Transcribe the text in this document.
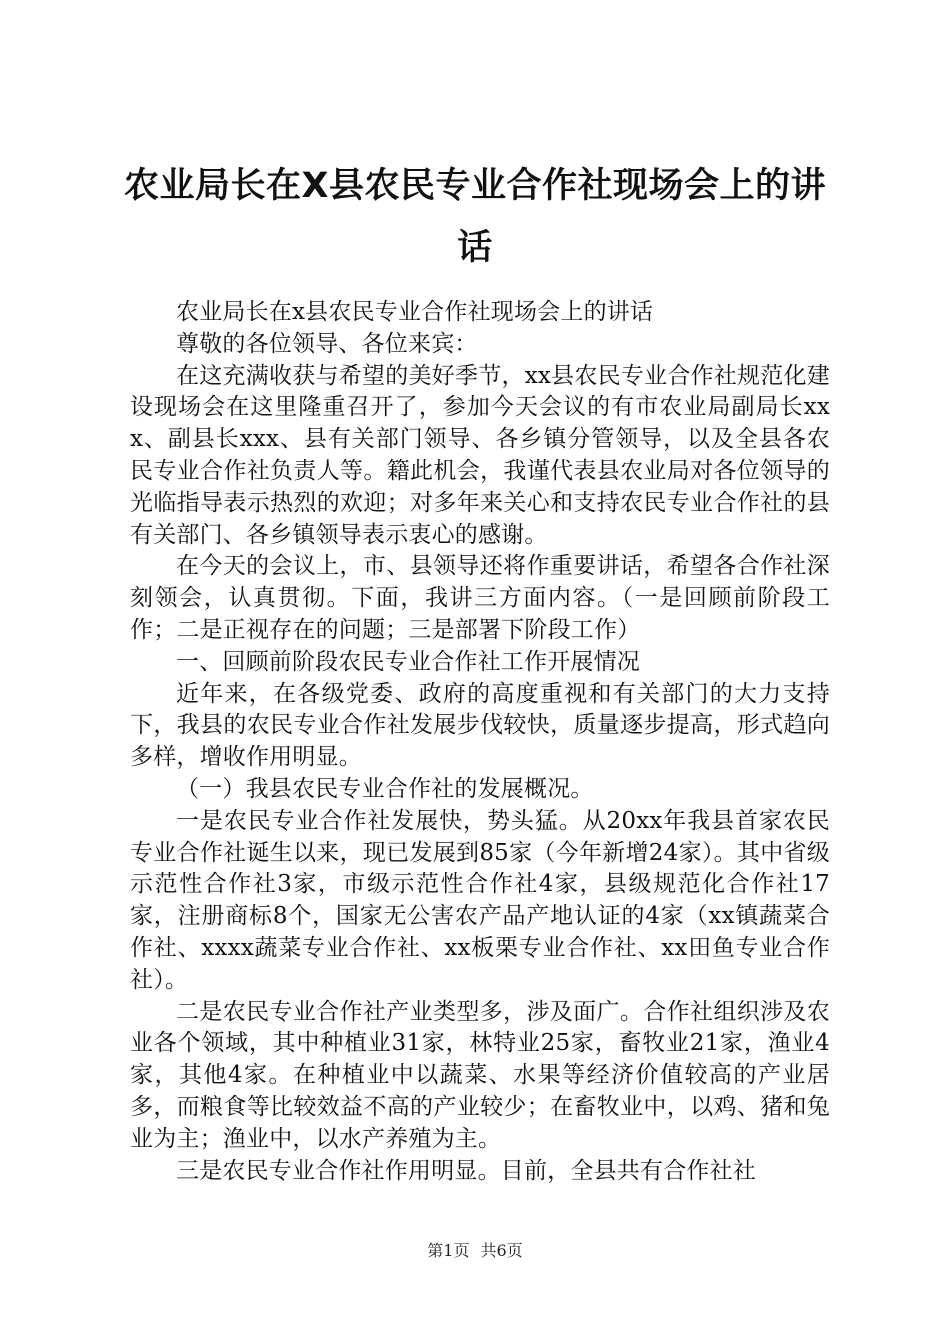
农业局长在X县农民专业合作社现场会上的讲话

农业局长在x县农民专业合作社现场会上的讲话

尊敬的各位领导、各位来宾：

在这充满收获与希望的美好季节，xx县农民专业合作社规范化建设现场会在这里隆重召开了，参加今天会议的有市农业局副局长xxx、副县长xxx、县有关部门领导、各乡镇分管领导，以及全县各农民专业合作社负责人等。籍此机会，我谨代表县农业局对各位领导的光临指导表示热烈的欢迎；对多年来关心和支持农民专业合作社的县有关部门、各乡镇领导表示衷心的感谢。

在今天的会议上，市、县领导还将作重要讲话，希望各合作社深刻领会，认真贯彻。下面，我讲三方面内容。（一是回顾前阶段工作；二是正视存在的问题；三是部署下阶段工作）

一、回顾前阶段农民专业合作社工作开展情况

近年来，在各级党委、政府的高度重视和有关部门的大力支持下，我县的农民专业合作社发展步伐较快，质量逐步提高，形式趋向多样，增收作用明显。

（一）我县农民专业合作社的发展概况。

一是农民专业合作社发展快，势头猛。从20xx年我县首家农民专业合作社诞生以来，现已发展到85家（今年新增24家）。其中省级示范性合作社3家，市级示范性合作社4家，县级规范化合作社17家，注册商标8个，国家无公害农产品产地认证的4家（xx镇蔬菜合作社、xxxx蔬菜专业合作社、xx板栗专业合作社、xx田鱼专业合作社）。

二是农民专业合作社产业类型多，涉及面广。合作社组织涉及农业各个领域，其中种植业31家，林特业25家，畜牧业21家，渔业4家，其他4家。在种植业中以蔬菜、水果等经济价值较高的产业居多，而粮食等比较效益不高的产业较少；在畜牧业中，以鸡、猪和兔业为主；渔业中，以水产养殖为主。

三是农民专业合作社作用明显。目前，全县共有合作社社

第1页 共6页
